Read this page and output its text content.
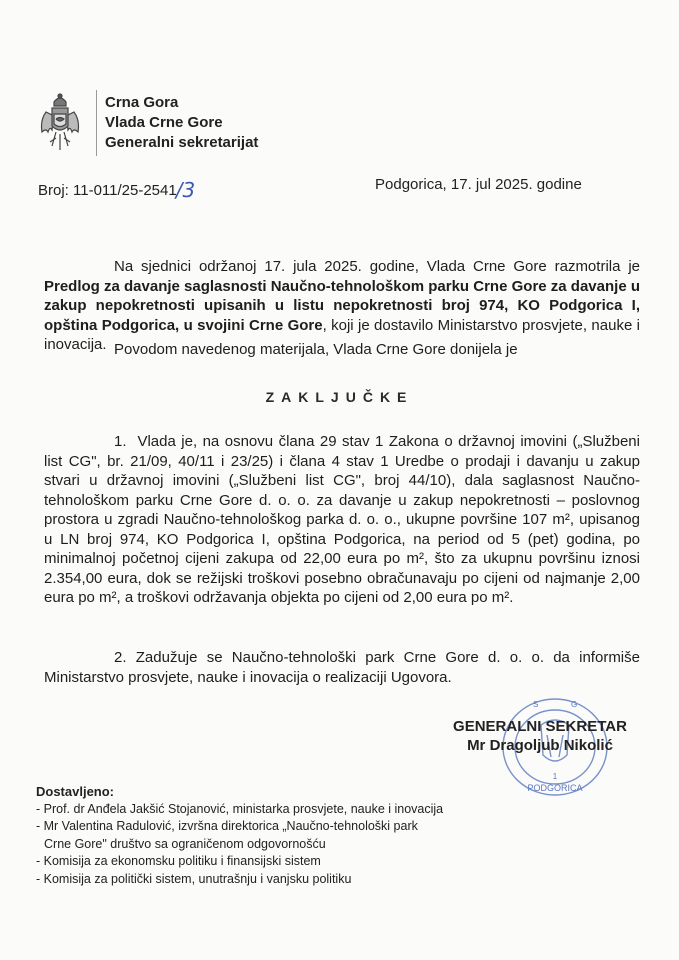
Crna Gora
Vlada Crne Gore
Generalni sekretarijat
Broj: 11-011/25-2541/3	Podgorica, 17. jul 2025. godine
Na sjednici održanoj 17. jula 2025. godine, Vlada Crne Gore razmotrila je Predlog za davanje saglasnosti Naučno-tehnološkom parku Crne Gore za davanje u zakup nepokretnosti upisanih u listu nepokretnosti broj 974, KO Podgorica I, opština Podgorica, u svojini Crne Gore, koji je dostavilo Ministarstvo prosvjete, nauke i inovacija. Povodom navedenog materijala, Vlada Crne Gore donijela je
ZAKLJUČKE
1. Vlada je, na osnovu člana 29 stav 1 Zakona o državnoj imovini („Službeni list CG", br. 21/09, 40/11 i 23/25) i člana 4 stav 1 Uredbe o prodaji i davanju u zakup stvari u državnoj imovini („Službeni list CG", broj 44/10), dala saglasnost Naučno-tehnološkom parku Crne Gore d. o. o. za davanje u zakup nepokretnosti – poslovnog prostora u zgradi Naučno-tehnološkog parka d. o. o., ukupne površine 107 m², upisanog u LN broj 974, KO Podgorica I, opština Podgorica, na period od 5 (pet) godina, po minimalnoj početnoj cijeni zakupa od 22,00 eura po m², što za ukupnu površinu iznosi 2.354,00 eura, dok se režijski troškovi posebno obračunavaju po cijeni od najmanje 2,00 eura po m², a troškovi održavanja objekta po cijeni od 2,00 eura po m².
2. Zadužuje se Naučno-tehnološki park Crne Gore d. o. o. da informiše Ministarstvo prosvjete, nauke i inovacija o realizaciji Ugovora.
S	G
1
PODGORICA
GENERALNI SEKRETAR
Mr Dragoljub Nikolić
Dostavljeno:
- Prof. dr Anđela Jakšić Stojanović, ministarka prosvjete, nauke i inovacija
- Mr Valentina Radulović, izvršna direktorica „Naučno-tehnološki park
Crne Gore" društvo sa ograničenom odgovornošću
- Komisija za ekonomsku politiku i finansijski sistem
- Komisija za politički sistem, unutrašnju i vanjsku politiku
